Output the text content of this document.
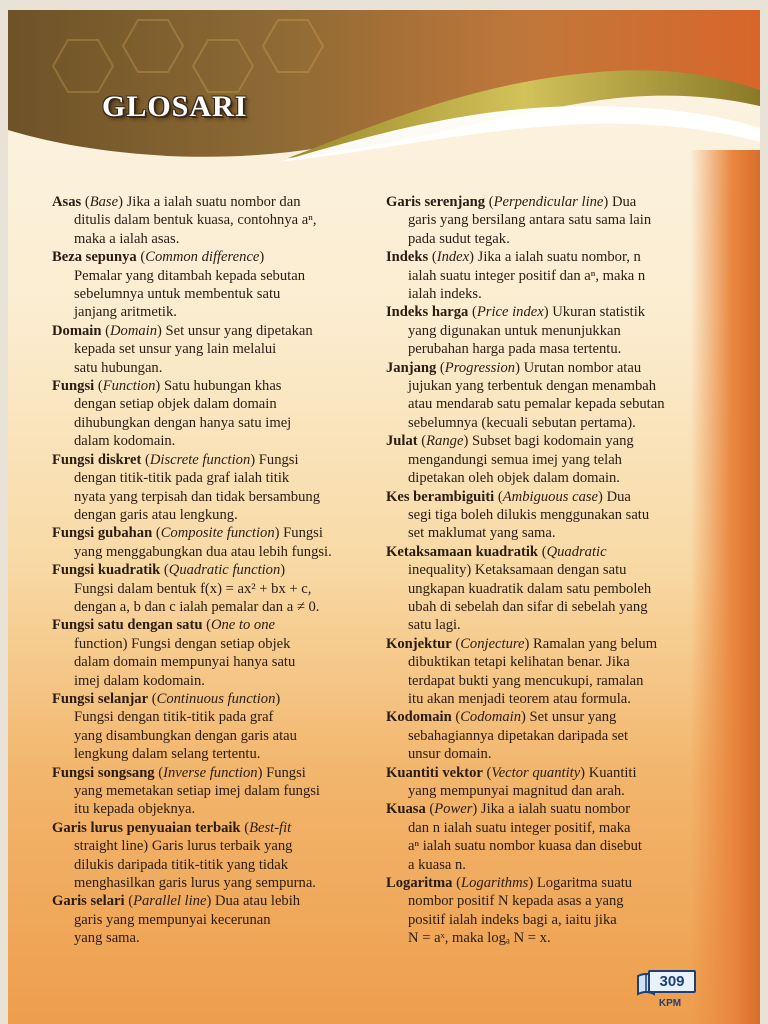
GLOSARI
Asas (Base) Jika a ialah suatu nombor dan
ditulis dalam bentuk kuasa, contohnya aⁿ,
maka a ialah asas.
Beza sepunya (Common difference)
Pemalar yang ditambah kepada sebutan
sebelumnya untuk membentuk satu
janjang aritmetik.
Domain (Domain) Set unsur yang dipetakan
kepada set unsur yang lain melalui
satu hubungan.
Fungsi (Function) Satu hubungan khas
dengan setiap objek dalam domain
dihubungkan dengan hanya satu imej
dalam kodomain.
Fungsi diskret (Discrete function) Fungsi
dengan titik-titik pada graf ialah titik
nyata yang terpisah dan tidak bersambung
dengan garis atau lengkung.
Fungsi gubahan (Composite function) Fungsi
yang menggabungkan dua atau lebih fungsi.
Fungsi kuadratik (Quadratic function)
Fungsi dalam bentuk f(x) = ax² + bx + c,
dengan a, b dan c ialah pemalar dan a ≠ 0.
Fungsi satu dengan satu (One to one
function) Fungsi dengan setiap objek
dalam domain mempunyai hanya satu
imej dalam kodomain.
Fungsi selanjar (Continuous function)
Fungsi dengan titik-titik pada graf
yang disambungkan dengan garis atau
lengkung dalam selang tertentu.
Fungsi songsang (Inverse function) Fungsi
yang memetakan setiap imej dalam fungsi
itu kepada objeknya.
Garis lurus penyuaian terbaik (Best-fit
straight line) Garis lurus terbaik yang
dilukis daripada titik-titik yang tidak
menghasilkan garis lurus yang sempurna.
Garis selari (Parallel line) Dua atau lebih
garis yang mempunyai kecerunan
yang sama.
Garis serenjang (Perpendicular line) Dua
garis yang bersilang antara satu sama lain
pada sudut tegak.
Indeks (Index) Jika a ialah suatu nombor, n
ialah suatu integer positif dan aⁿ, maka n
ialah indeks.
Indeks harga (Price index) Ukuran statistik
yang digunakan untuk menunjukkan
perubahan harga pada masa tertentu.
Janjang (Progression) Urutan nombor atau
jujukan yang terbentuk dengan menambah
atau mendarab satu pemalar kepada sebutan
sebelumnya (kecuali sebutan pertama).
Julat (Range) Subset bagi kodomain yang
mengandungi semua imej yang telah
dipetakan oleh objek dalam domain.
Kes berambiguiti (Ambiguous case) Dua
segi tiga boleh dilukis menggunakan satu
set maklumat yang sama.
Ketaksamaan kuadratik (Quadratic
inequality) Ketaksamaan dengan satu
ungkapan kuadratik dalam satu pemboleh
ubah di sebelah dan sifar di sebelah yang
satu lagi.
Konjektur (Conjecture) Ramalan yang belum
dibuktikan tetapi kelihatan benar. Jika
terdapat bukti yang mencukupi, ramalan
itu akan menjadi teorem atau formula.
Kodomain (Codomain) Set unsur yang
sebahagiannya dipetakan daripada set
unsur domain.
Kuantiti vektor (Vector quantity) Kuantiti
yang mempunyai magnitud dan arah.
Kuasa (Power) Jika a ialah suatu nombor
dan n ialah suatu integer positif, maka
aⁿ ialah suatu nombor kuasa dan disebut
a kuasa n.
Logaritma (Logarithms) Logaritma suatu
nombor positif N kepada asas a yang
positif ialah indeks bagi a, iaitu jika
N = aˣ, maka logₐ N = x.
309
KPM
